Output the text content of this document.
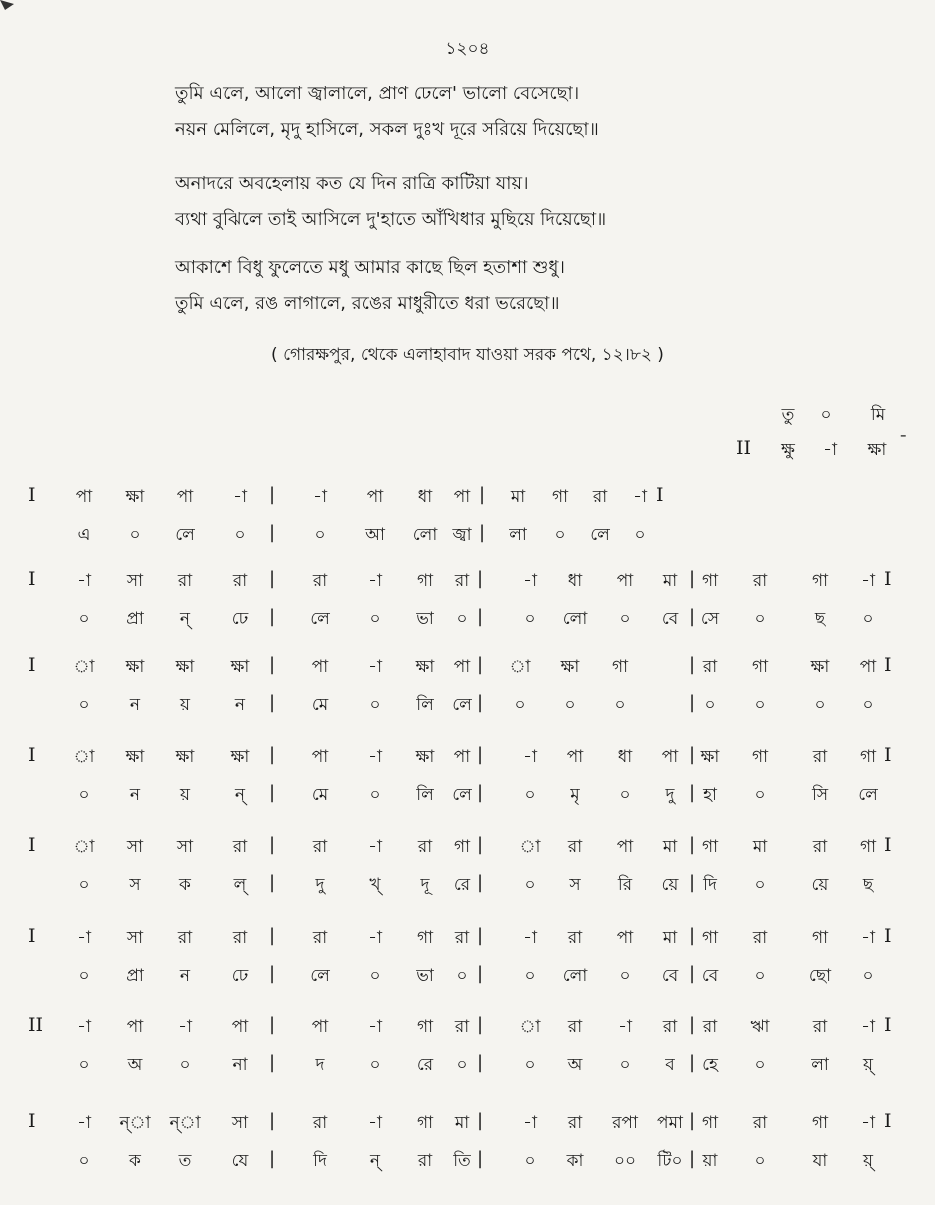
১২০৪
তুমি এলে, আলো জ্বালালে, প্রাণ ঢেলে' ভালো বেসেছো।
নয়ন মেলিলে, মৃদু হাসিলে, সকল দুঃখ দূরে সরিয়ে দিয়েছো॥
অনাদরে অবহেলায় কত যে দিন রাত্রি কাটিয়া যায়।
ব্যথা বুঝিলে তাই আসিলে দু'হাতে আঁখিধার মুছিয়ে দিয়েছো॥
আকাশে বিধু ফুলেতে মধু আমার কাছে ছিল হতাশা শুধু।
তুমি এলে, রঙ লাগালে, রঙের মাধুরীতে ধরা ভরেছো॥
( গোরক্ষপুর, থেকে এলাহাবাদ যাওয়া সরক পথে, ১২।৮২ )
তু ০ মি
II ক্ষু -া ক্ষা ˉ
I পা ক্ষা পা -া | -া পা ধা পা | মা গা রা -া I
এ ০ লে ০ | ০ আ লো জ্বা | লা ০ লে ০
I -া সা রা রা | রা -া গা রা | -া ধা পা মা | গা রা	গা -া I
০ প্রা ন্ ঢে | লে ০ ভা ০ | ০ লো ০ বে | সে ০	ছ ০
I া ক্ষা ক্ষা ক্ষা | পা -া ক্ষা পা | া ক্ষা গা	| রা গা	ক্ষা পা I
০ ন য়	ন | মে ০ লি লে | ০ ০ ০	| ০ ০	০ ০
I া ক্ষা ক্ষা ক্ষা | পা -া ক্ষা পা | -া পা ধা পা | ক্ষা গা	রা গা I
০ ন য়	ন্ | মে ০ লি লে | ০ মৃ ০ দু | হা ০	সি লে
I া সা সা রা | রা -া রা গা | া রা পা মা | গা মা	রা গা I
০ স ক	ল্ | দু	খ্ দূ রে | ০ স রি য়ে | দি ০	য়ে ছ
I -া সা রা রা | রা -া গা রা | -া রা পা মা | গা রা	গা -া I
০ প্রা ন ঢে | লে ০ ভা ০ | ০ লো ০ বে | বে ০	ছো ০
II -া পা -া পা | পা -া গা রা | া রা -া রা | রা ঋা	রা -া I
০ অ ০ না | দ	০ রে ০ | ০ অ ০ ব | হে ০	লা য়্
I -া ন্া ন্া সা | রা -া গা মা | -া রা রপা পমা | গা রা	গা -া I
০ ক ত যে | দি	ন্ রা তি | ০ কা ০০ টি০ | য়া ০	যা য়্
